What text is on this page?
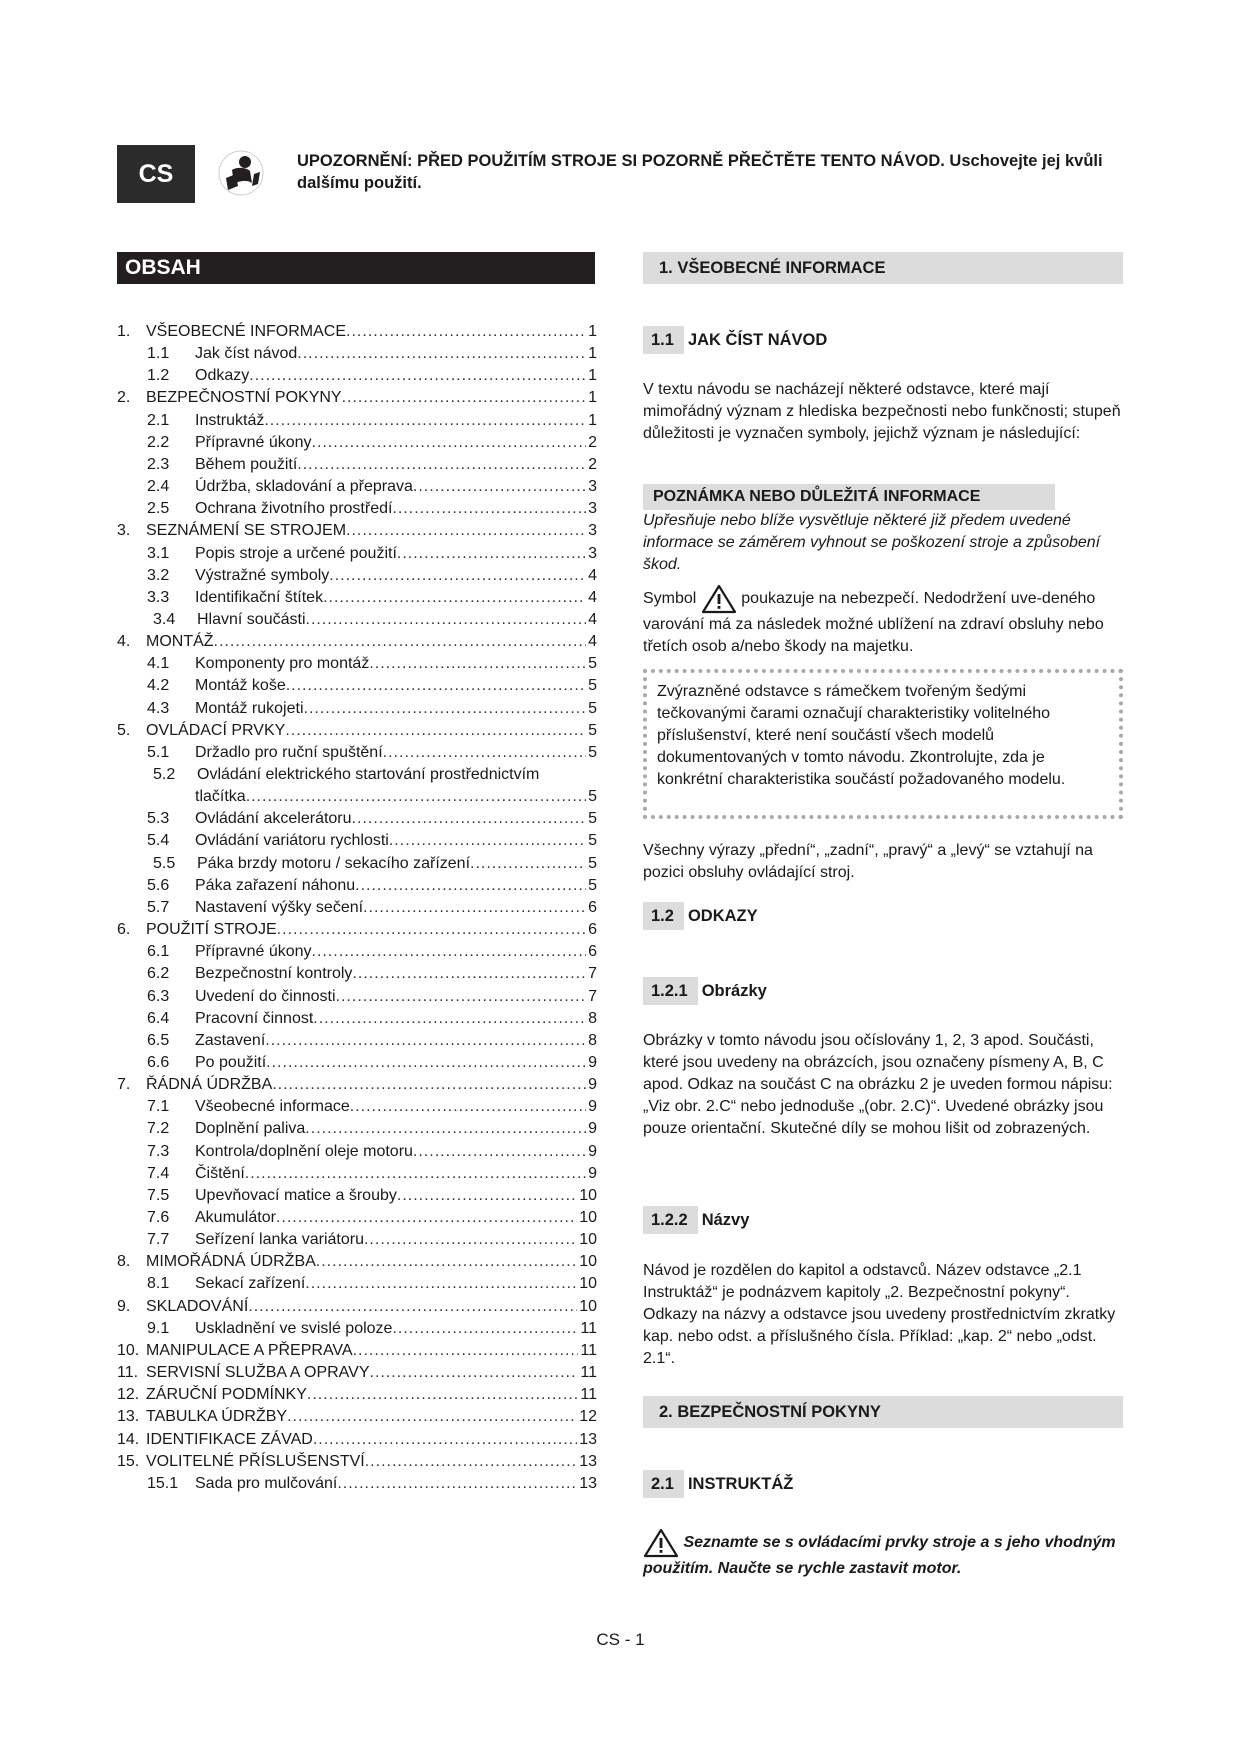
CS	UPOZORNĚNÍ: PŘED POUŽITÍM STROJE SI POZORNĚ PŘEČTĚTE TENTO NÁVOD. Uschovejte jej kvůli dalšímu použití.
OBSAH
1. VŠEOBECNÉ INFORMACE .....	1
1.1	Jak číst návod .....	1
1.2	Odkazy .....	1
2. BEZPEČNOSTNÍ POKYNY .....	1
2.1	Instruktáž .....	1
2.2	Přípravné úkony .....	2
2.3	Během použití .....	2
2.4	Údržba, skladování a přeprava .....	3
2.5	Ochrana životního prostředí .....	3
3. SEZNÁMENÍ SE STROJEM .....	3
3.1	Popis stroje a určené použití .....	3
3.2	Výstražné symboly .....	4
3.3	Identifikační štítek .....	4
3.4	Hlavní součásti .....	4
4. MONTÁŽ .....	4
4.1	Komponenty pro montáž .....	5
4.2	Montáž koše .....	5
4.3	Montáž rukojeti .....	5
5. OVLÁDACÍ PRVKY .....	5
5.1	Držadlo pro ruční spuštění .....	5
5.2	Ovládání elektrického startování prostřednictvím
tlačítka .....	5
5.3	Ovládání akcelerátoru .....	5
5.4	Ovládání variátoru rychlosti .....	5
5.5	Páka brzdy motoru / sekacího zařízení .....	5
5.6	Páka zařazení náhonu .....	5
5.7	Nastavení výšky sečení .....	6
6. POUŽITÍ STROJE .....	6
6.1	Přípravné úkony .....	6
6.2	Bezpečnostní kontroly .....	7
6.3	Uvedení do činnosti .....	7
6.4	Pracovní činnost .....	8
6.5	Zastavení .....	8
6.6	Po použití .....	9
7. ŘÁDNÁ ÚDRŽBA .....	9
7.1	Všeobecné informace .....	9
7.2	Doplnění paliva .....	9
7.3	Kontrola/doplnění oleje motoru .....	9
7.4	Čištění .....	9
7.5	Upevňovací matice a šrouby .....	10
7.6	Akumulátor .....	10
7.7	Seřízení lanka variátoru .....	10
8. MIMOŘÁDNÁ ÚDRŽBA .....	10
8.1	Sekací zařízení .....	10
9. SKLADOVÁNÍ .....	10
9.1	Uskladnění ve svislé poloze .....	11
10. MANIPULACE A PŘEPRAVA .....	11
11. SERVISNÍ SLUŽBA A OPRAVY .....	11
12. ZÁRUČNÍ PODMÍNKY .....	11
13. TABULKA ÚDRŽBY .....	12
14. IDENTIFIKACE ZÁVAD .....	13
15. VOLITELNÉ PŘÍSLUŠENSTVÍ .....	13
15.1	Sada pro mulčování .....	13
1. VŠEOBECNÉ INFORMACE
1.1 JAK ČÍST NÁVOD
V textu návodu se nacházejí některé odstavce, které mají mimořádný význam z hlediska bezpečnosti nebo funkčnosti; stupeň důležitosti je vyznačen symboly, jejichž význam je následující:
POZNÁMKA NEBO DŮLEŽITÁ INFORMACE
Upřesňuje nebo blíže vysvětluje některé již předem uvedené informace se záměrem vyhnout se poškození stroje a způsobení škod.
Symbol	poukazuje na nebezpečí. Nedodržení uve-deného varování má za následek možné ublížení na zdraví obsluhy nebo třetích osob a/nebo škody na majetku.
Zvýrazněné odstavce s rámečkem tvořeným šedými tečkovanými čarami označují charakteristiky volitelného příslušenství, které není součástí všech modelů dokumentovaných v tomto návodu. Zkontrolujte, zda je konkrétní charakteristika součástí požadovaného modelu.
Všechny výrazy „přední“, „zadní“, „pravý“ a „levý“ se vztahují na pozici obsluhy ovládající stroj.
1.2 ODKAZY
1.2.1 Obrázky
Obrázky v tomto návodu jsou očíslovány 1, 2, 3 apod. Součásti, které jsou uvedeny na obrázcích, jsou označeny písmeny A, B, C apod. Odkaz na součást C na obrázku 2 je uveden formou nápisu: „Viz obr. 2.C“ nebo jednoduše „(obr. 2.C)“. Uvedené obrázky jsou pouze orientační. Skutečné díly se mohou lišit od zobrazených.
1.2.2 Názvy
Návod je rozdělen do kapitol a odstavců. Název odstavce „2.1 Instruktáž“ je podnázvem kapitoly „2. Bezpečnostní pokyny“. Odkazy na názvy a odstavce jsou uvedeny prostřednictvím zkratky kap. nebo odst. a příslušného čísla. Příklad: „kap. 2“ nebo „odst. 2.1“.
2. BEZPEČNOSTNÍ POKYNY
2.1 INSTRUKTÁŽ
Seznamte se s ovládacími prvky stroje a s jeho vhodným použitím. Naučte se rychle zastavit motor.
CS - 1
